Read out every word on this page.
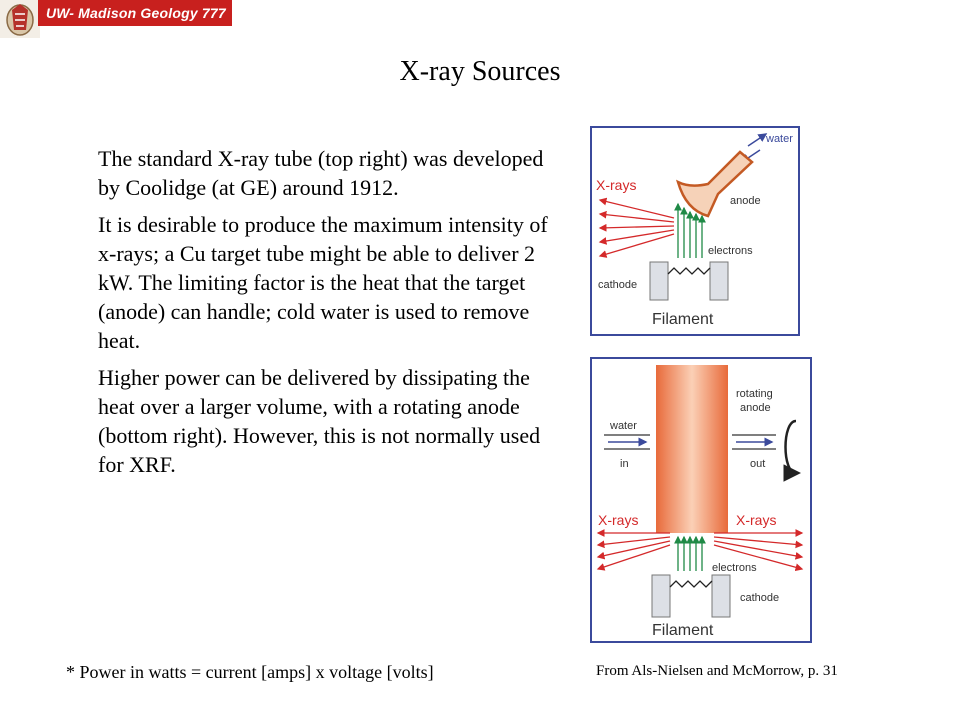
UW- Madison Geology 777
X-ray Sources

The standard X-ray tube (top right) was developed by Coolidge (at GE) around 1912.

It is desirable to produce the maximum intensity of x-rays; a Cu target tube might be able to deliver 2 kW. The limiting factor is the heat that the target (anode) can handle; cold water is used to remove heat.

Higher power can be delivered by dissipating the heat over a larger volume, with a rotating anode (bottom right). However, this is not normally used for XRF.

water
anode
X-rays
electrons
cathode
Filament
rotating
anode
water
in	out
X-rays	X-rays
electrons
cathode
Filament
* Power in watts = current [amps] x voltage [volts]	From Als-Nielsen and McMorrow, p. 31
